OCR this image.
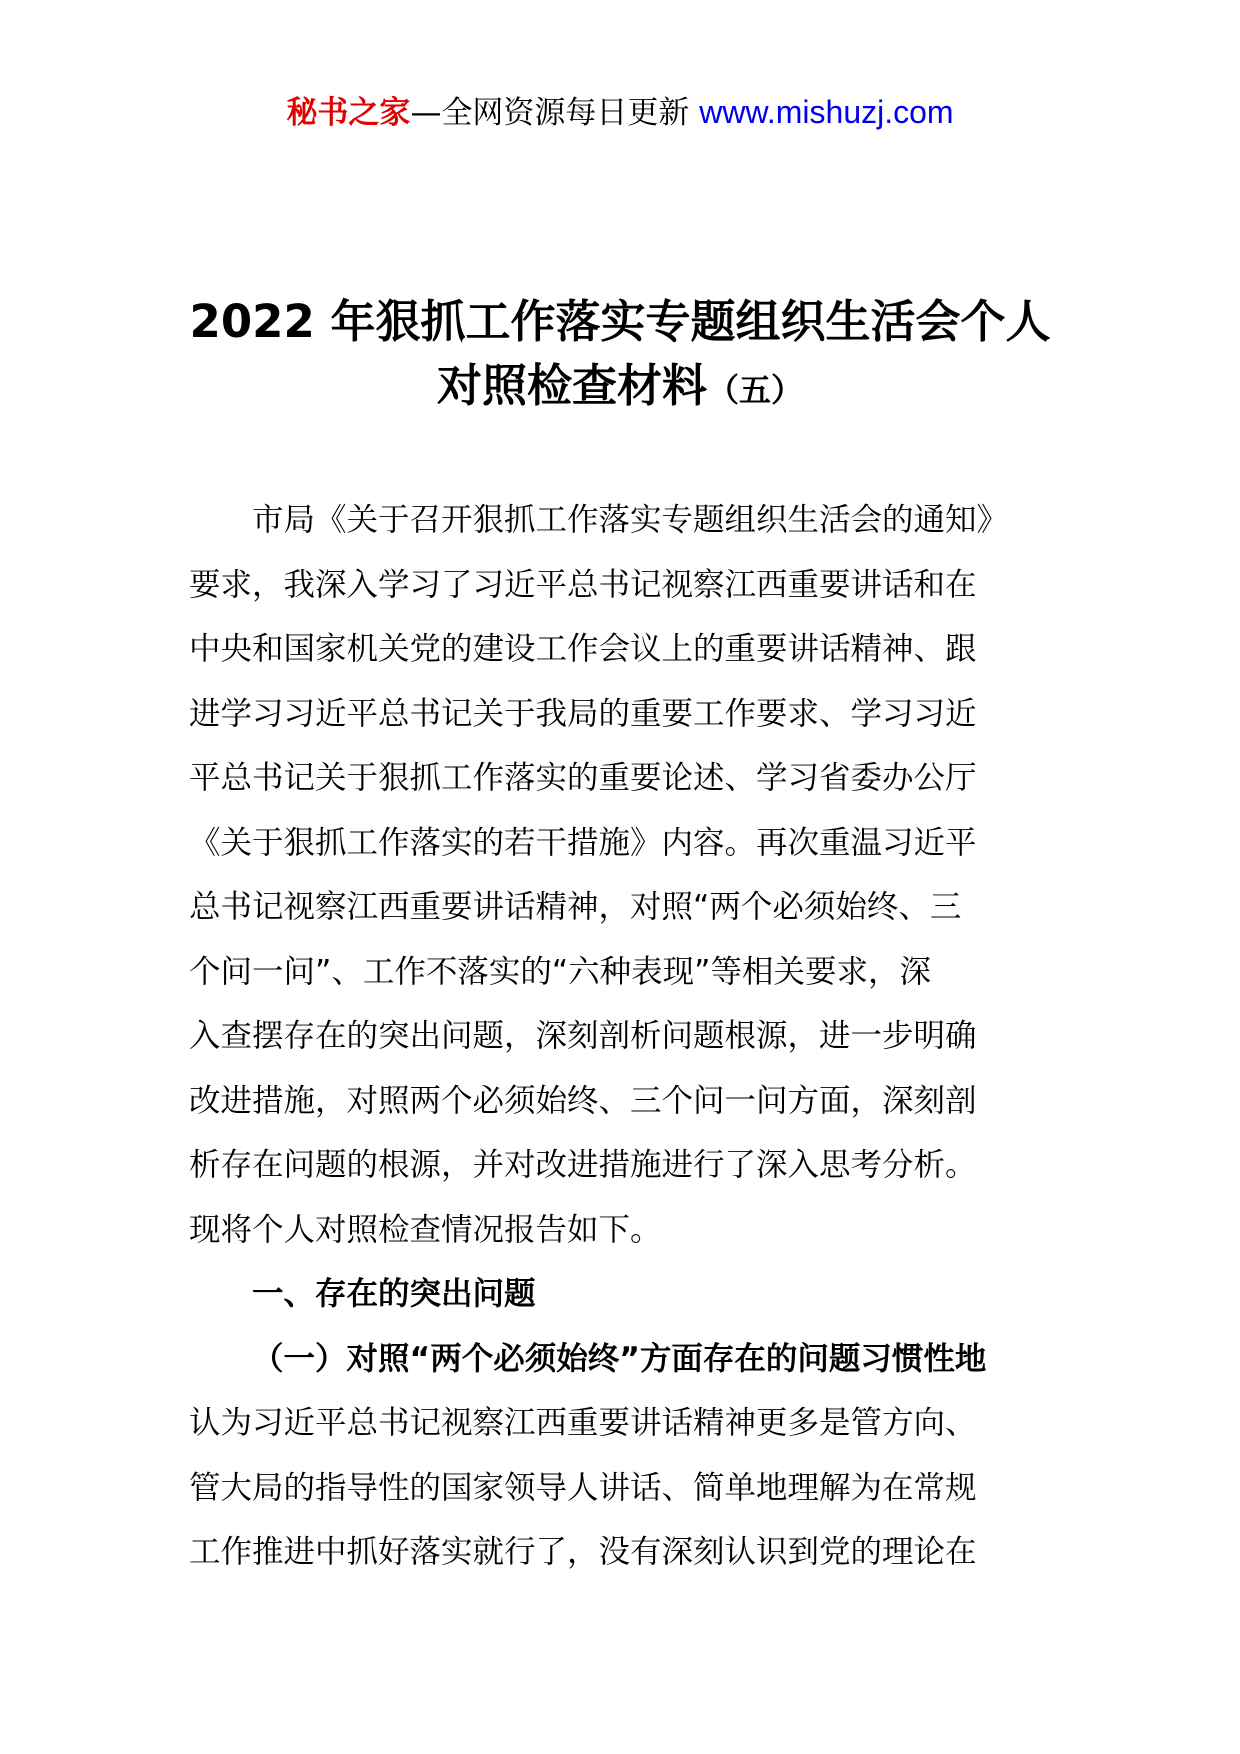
秘书之家—全网资源每日更新 www.mishuzj.com
2022 年狠抓工作落实专题组织生活会个人
对照检查材料（五）
市局《关于召开狠抓工作落实专题组织生活会的通知》
要求，我深入学习了习近平总书记视察江西重要讲话和在
中央和国家机关党的建设工作会议上的重要讲话精神、跟
进学习习近平总书记关于我局的重要工作要求、学习习近
平总书记关于狠抓工作落实的重要论述、学习省委办公厅
《关于狠抓工作落实的若干措施》内容。再次重温习近平
总书记视察江西重要讲话精神，对照“两个必须始终、三
个问一问”、工作不落实的“六种表现”等相关要求，深
入查摆存在的突出问题，深刻剖析问题根源，进一步明确
改进措施，对照两个必须始终、三个问一问方面，深刻剖
析存在问题的根源，并对改进措施进行了深入思考分析。
现将个人对照检查情况报告如下。
一、存在的突出问题
（一）对照“两个必须始终”方面存在的问题习惯性地
认为习近平总书记视察江西重要讲话精神更多是管方向、
管大局的指导性的国家领导人讲话、简单地理解为在常规
工作推进中抓好落实就行了，没有深刻认识到党的理论在
